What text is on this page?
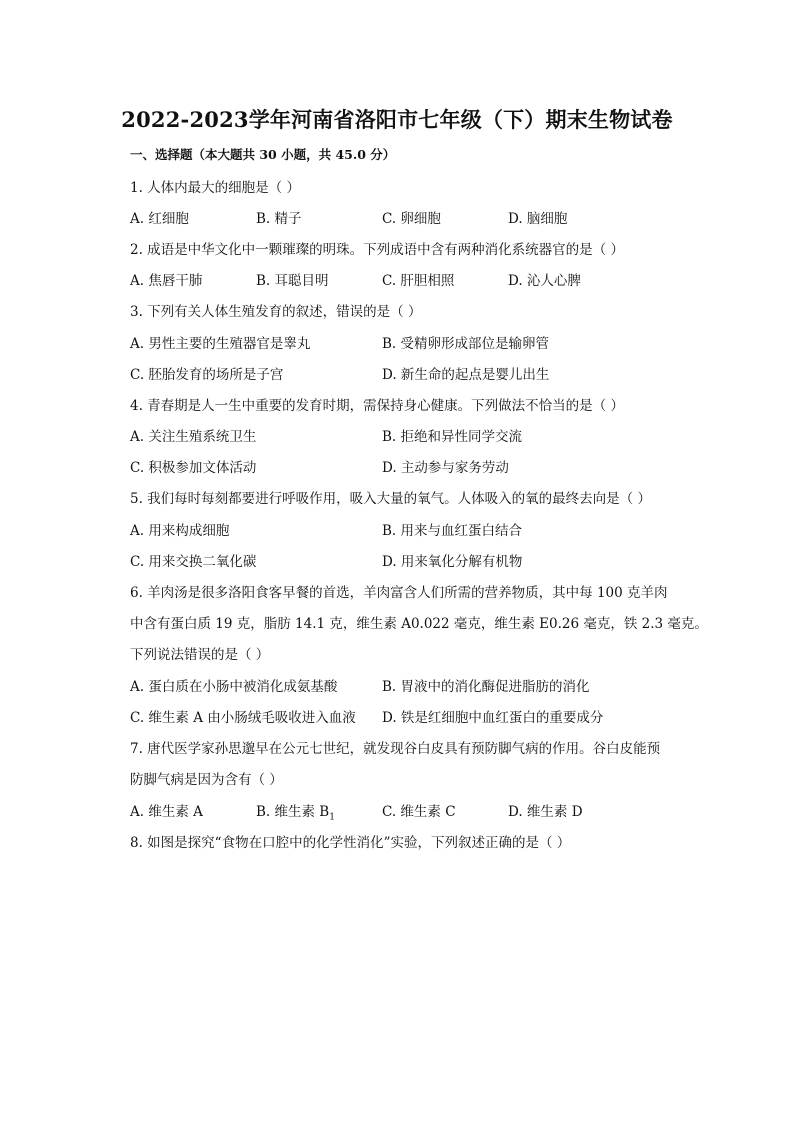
2022-2023学年河南省洛阳市七年级（下）期末生物试卷
一、选择题（本大题共 30 小题，共 45.0 分）
1. 人体内最大的细胞是（ ）
A. 红细胞	B. 精子	C. 卵细胞	D. 脑细胞
2. 成语是中华文化中一颗璀璨的明珠。下列成语中含有两种消化系统器官的是（ ）
A. 焦唇干肺	B. 耳聪目明	C. 肝胆相照	D. 沁人心脾
3. 下列有关人体生殖发育的叙述，错误的是（ ）
A. 男性主要的生殖器官是睾丸	B. 受精卵形成部位是输卵管
C. 胚胎发育的场所是子宫	D. 新生命的起点是婴儿出生
4. 青春期是人一生中重要的发育时期，需保持身心健康。下列做法不恰当的是（ ）
A. 关注生殖系统卫生	B. 拒绝和异性同学交流
C. 积极参加文体活动	D. 主动参与家务劳动
5. 我们每时每刻都要进行呼吸作用，吸入大量的氧气。人体吸入的氧的最终去向是（ ）
A. 用来构成细胞	B. 用来与血红蛋白结合
C. 用来交换二氧化碳	D. 用来氧化分解有机物
6. 羊肉汤是很多洛阳食客早餐的首选，羊肉富含人们所需的营养物质，其中每 100 克羊肉
中含有蛋白质 19 克，脂肪 14.1 克，维生素 A0.022 毫克，维生素 E0.26 毫克，铁 2.3 毫克。
下列说法错误的是（ ）
A. 蛋白质在小肠中被消化成氨基酸	B. 胃液中的消化酶促进脂肪的消化
C. 维生素 A 由小肠绒毛吸收进入血液 D. 铁是红细胞中血红蛋白的重要成分
7. 唐代医学家孙思邈早在公元七世纪，就发现谷白皮具有预防脚气病的作用。谷白皮能预
防脚气病是因为含有（ ）
A. 维生素 A	B. 维生素 $B_1$	C. 维生素 C	D. 维生素 D
8. 如图是探究“食物在口腔中的化学性消化”实验，下列叙述正确的是（ ）
